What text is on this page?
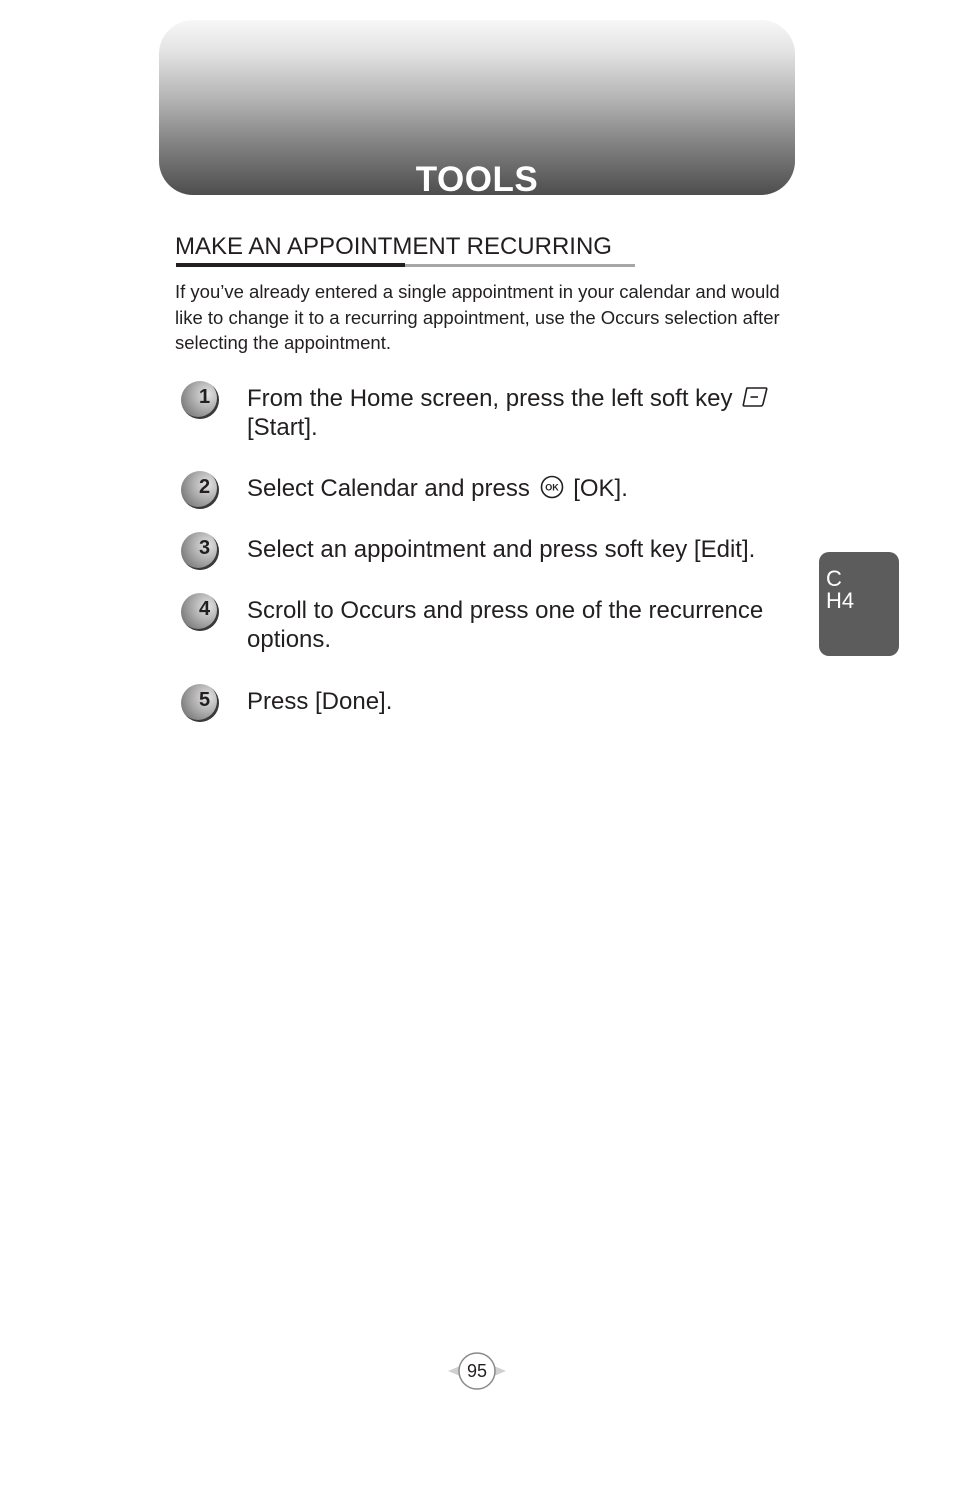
TOOLS
MAKE AN APPOINTMENT RECURRING
If you’ve already entered a single appointment in your calendar and would like to change it to a recurring appointment, use the Occurs selection after selecting the appointment.
1 From the Home screen, press the left soft key
[Start].
2 Select Calendar and press OK [OK].
3 Select an appointment and press soft key [Edit].
4 Scroll to Occurs and press one of the recurrence options.
5 Press [Done].
CH4
95
